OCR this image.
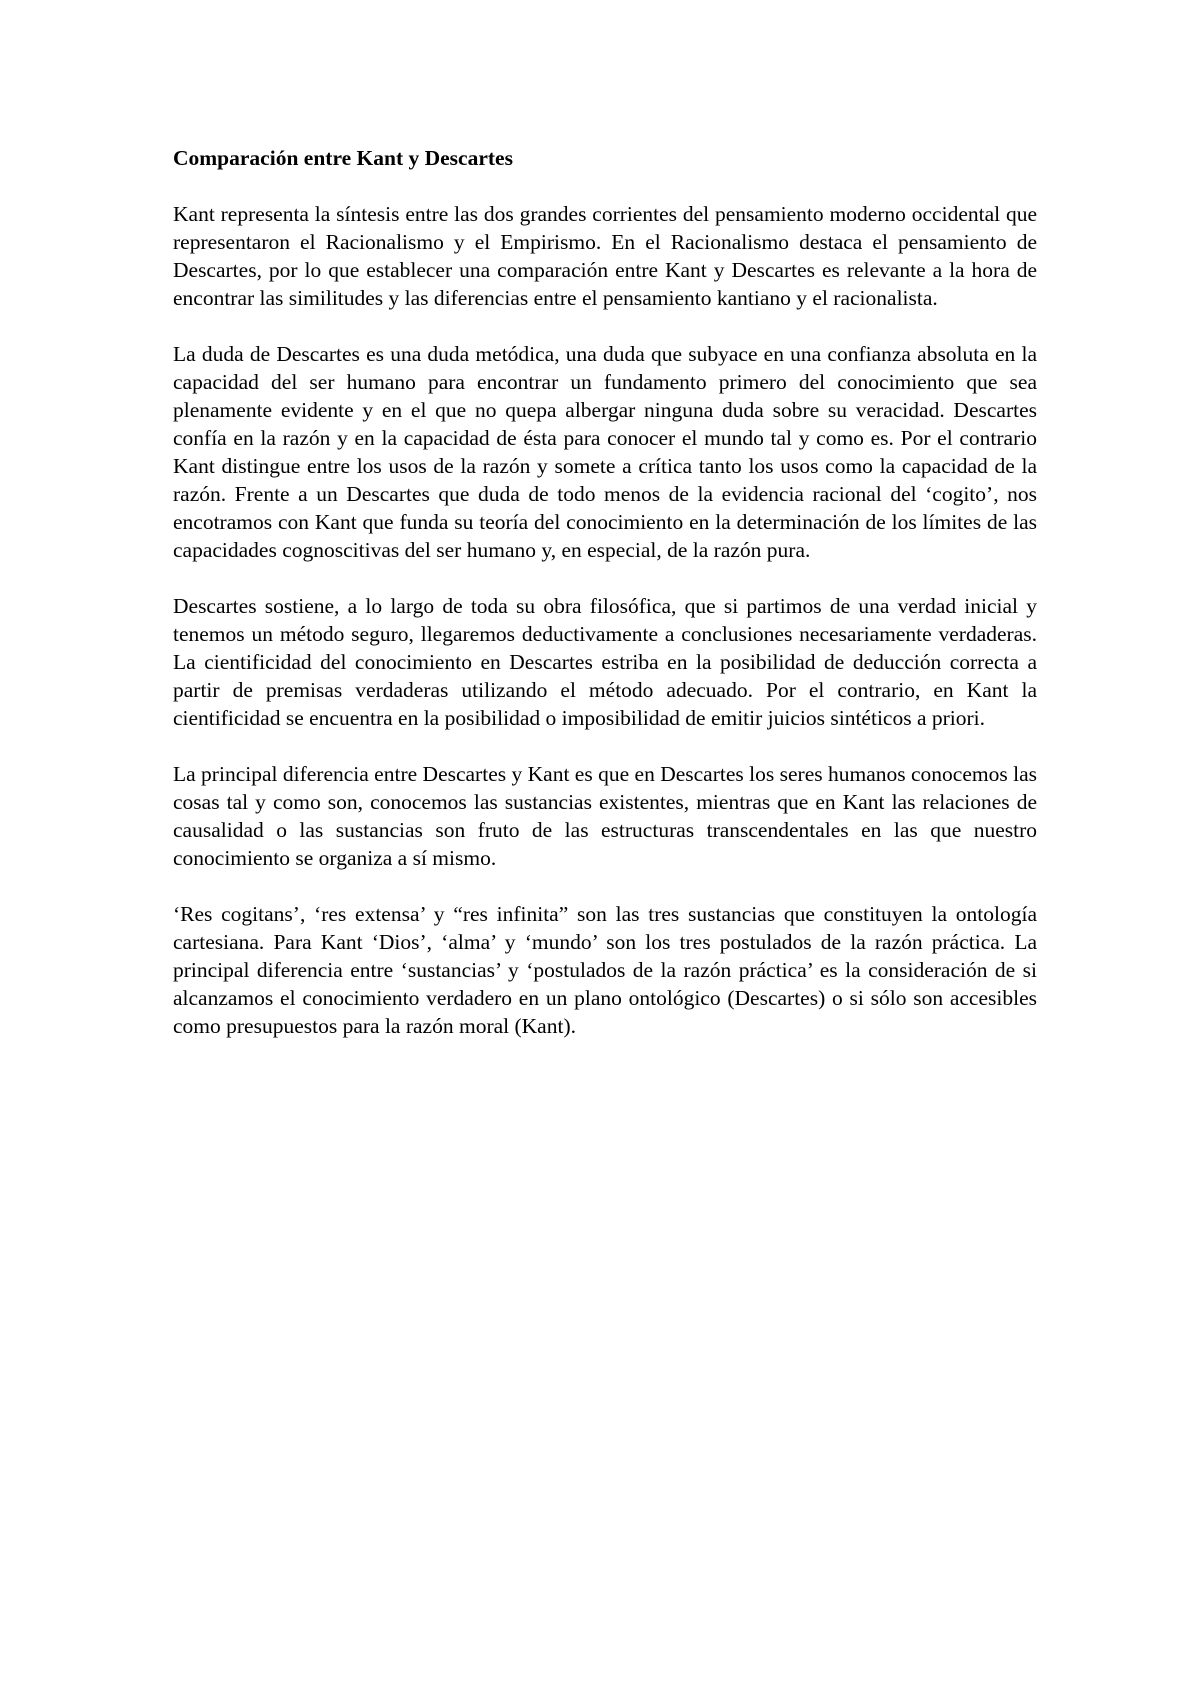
Comparación entre Kant y Descartes

Kant representa la síntesis entre las dos grandes corrientes del pensamiento moderno occidental que representaron el Racionalismo y el Empirismo. En el Racionalismo destaca el pensamiento de Descartes, por lo que establecer una comparación entre Kant y Descartes es relevante a la hora de encontrar las similitudes y las diferencias entre el pensamiento kantiano y el racionalista.

La duda de Descartes es una duda metódica, una duda que subyace en una confianza absoluta en la capacidad del ser humano para encontrar un fundamento primero del conocimiento que sea plenamente evidente y en el que no quepa albergar ninguna duda sobre su veracidad. Descartes confía en la razón y en la capacidad de ésta para conocer el mundo tal y como es. Por el contrario Kant distingue entre los usos de la razón y somete a crítica tanto los usos como la capacidad de la razón. Frente a un Descartes que duda de todo menos de la evidencia racional del ‘cogito’, nos encotramos con Kant que funda su teoría del conocimiento en la determinación de los límites de las capacidades cognoscitivas del ser humano y, en especial, de la razón pura.

Descartes sostiene, a lo largo de toda su obra filosófica, que si partimos de una verdad inicial y tenemos un método seguro, llegaremos deductivamente a conclusiones necesariamente verdaderas. La cientificidad del conocimiento en Descartes estriba en la posibilidad de deducción correcta a partir de premisas verdaderas utilizando el método adecuado. Por el contrario, en Kant la cientificidad se encuentra en la posibilidad o imposibilidad de emitir juicios sintéticos a priori.

La principal diferencia entre Descartes y Kant es que en Descartes los seres humanos conocemos las cosas tal y como son, conocemos las sustancias existentes, mientras que en Kant las relaciones de causalidad o las sustancias son fruto de las estructuras transcendentales en las que nuestro conocimiento se organiza a sí mismo.

‘Res cogitans’, ‘res extensa’ y “res infinita” son las tres sustancias que constituyen la ontología cartesiana. Para Kant ‘Dios’, ‘alma’ y ‘mundo’ son los tres postulados de la razón práctica. La principal diferencia entre ‘sustancias’ y ‘postulados de la razón práctica’ es la consideración de si alcanzamos el conocimiento verdadero en un plano ontológico (Descartes) o si sólo son accesibles como presupuestos para la razón moral (Kant).
